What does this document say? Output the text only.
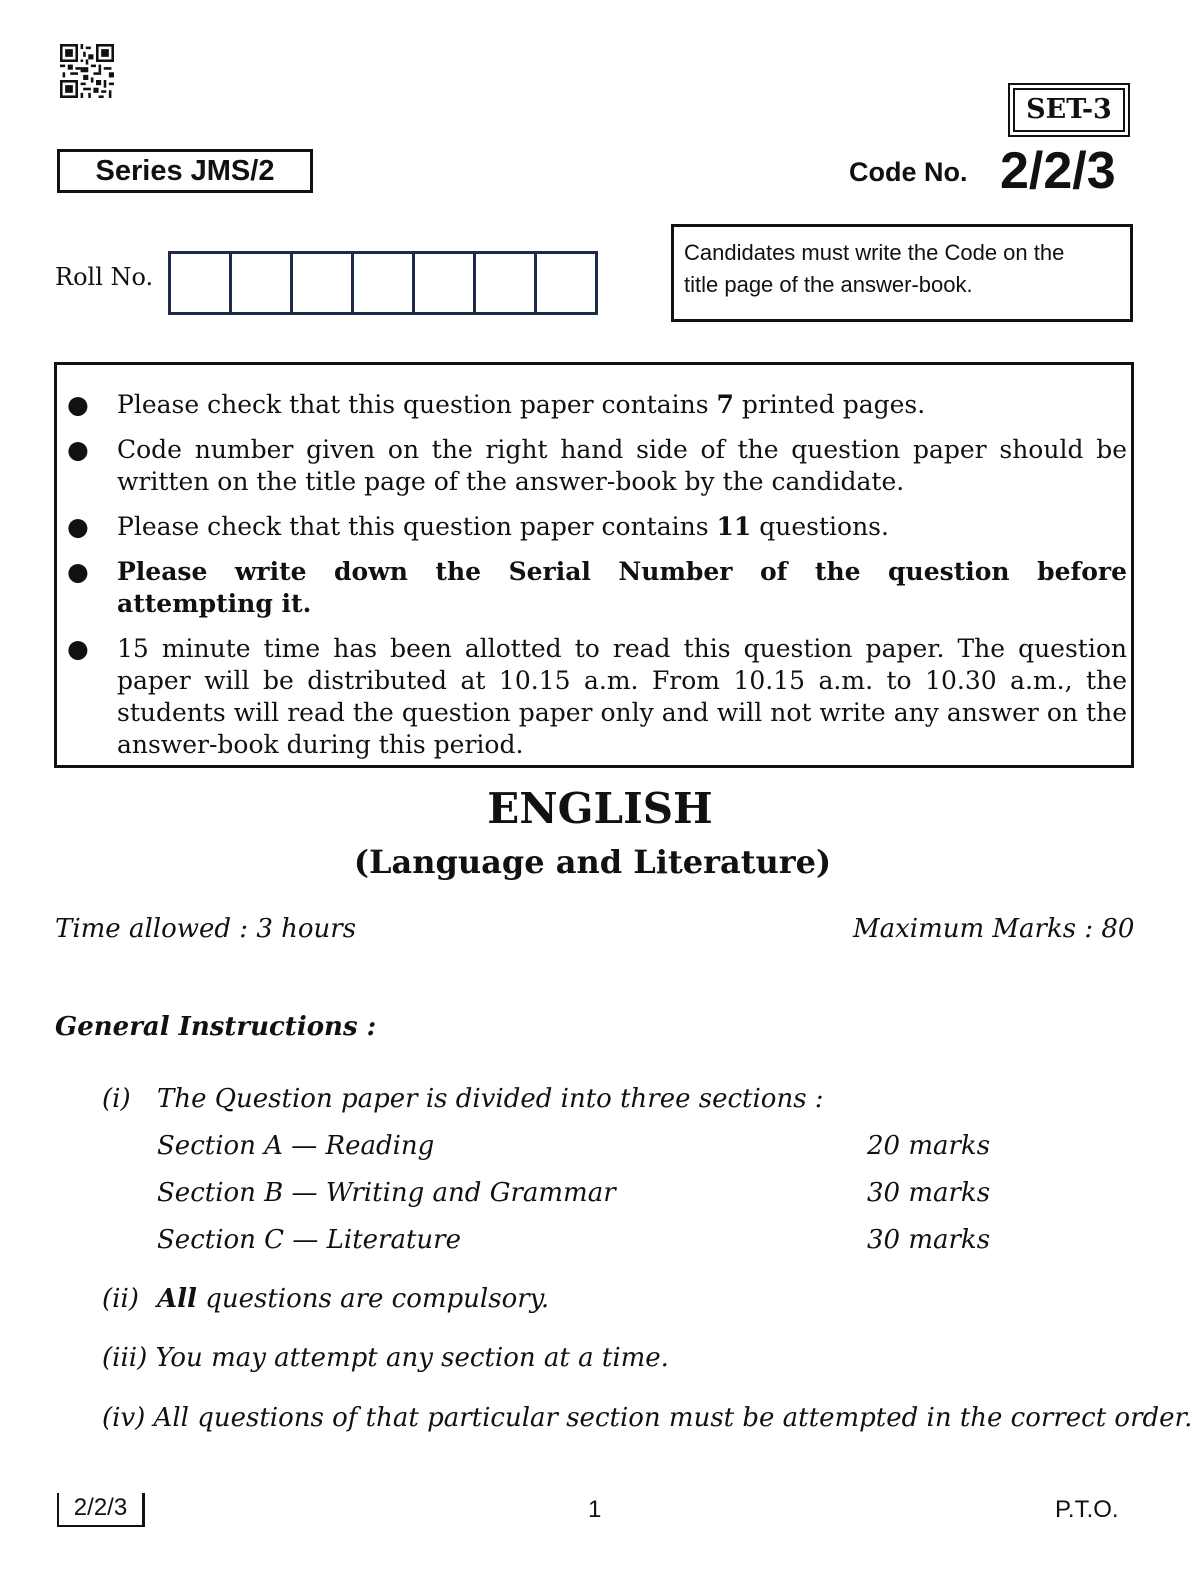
SET-3
Series JMS/2	Code No. 2/2/3
Roll No.
Candidates must write the Code on the
title page of the answer-book.
● Please check that this question paper contains 7 printed pages.
● Code number given on the right hand side of the question paper should be
written on the title page of the answer-book by the candidate.
● Please check that this question paper contains 11 questions.
● Please write down the Serial Number of the question before
attempting it.
● 15 minute time has been allotted to read this question paper. The question
paper will be distributed at 10.15 a.m. From 10.15 a.m. to 10.30 a.m., the
students will read the question paper only and will not write any answer on the
answer-book during this period.
ENGLISH
(Language and Literature)
Time allowed : 3 hours	Maximum Marks : 80
General Instructions :
(i) The Question paper is divided into three sections :
Section A — Reading	20 marks
Section B — Writing and Grammar	30 marks
Section C — Literature	30 marks
(ii) All questions are compulsory.
(iii) You may attempt any section at a time.
(iv) All questions of that particular section must be attempted in the correct order.
2/2/3	1	P.T.O.
